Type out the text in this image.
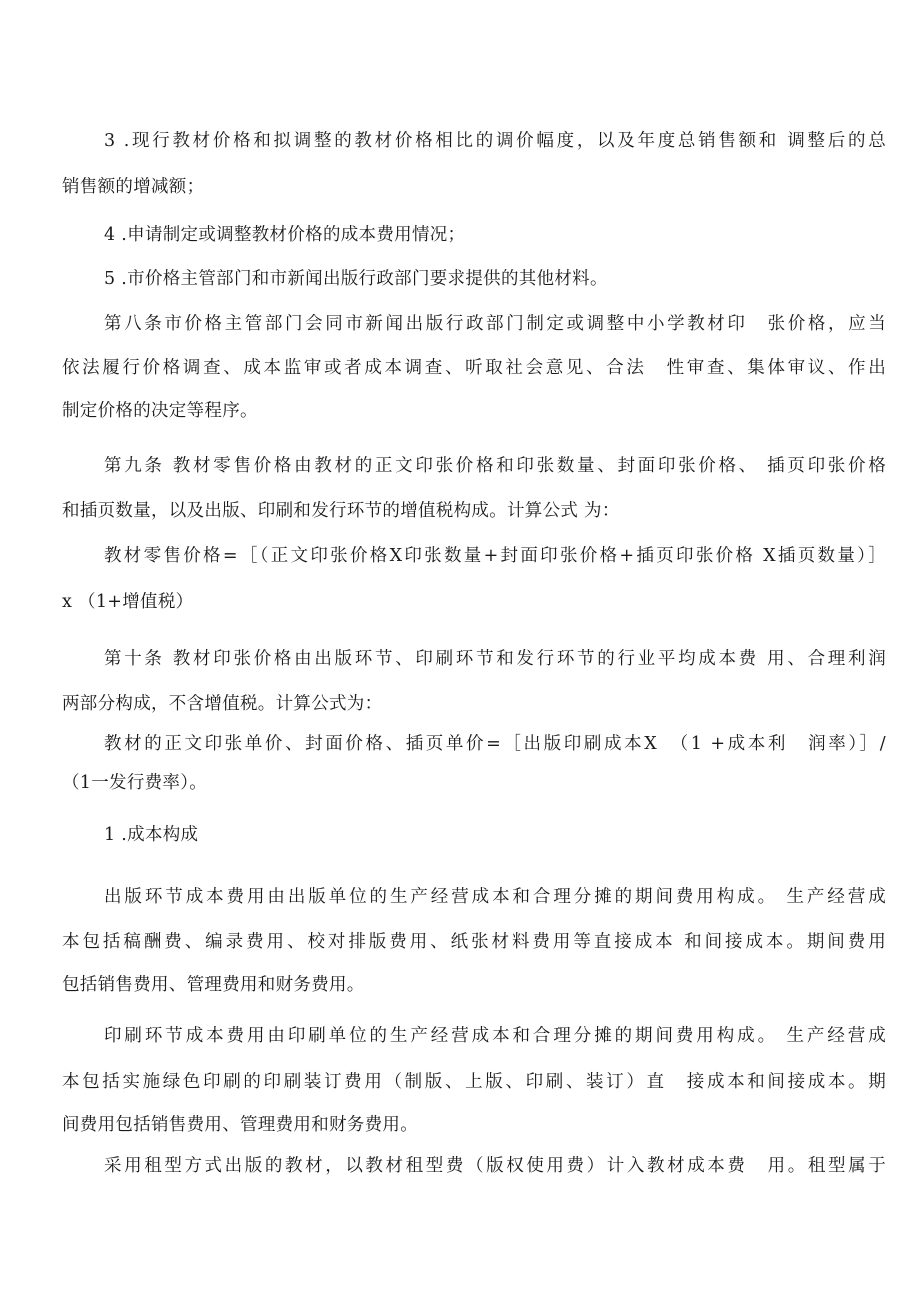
3 .现行教材价格和拟调整的教材价格相比的调价幅度，以及年度总销售额和 调整后的总
销售额的增减额；
4 .申请制定或调整教材价格的成本费用情况；
5 .市价格主管部门和市新闻出版行政部门要求提供的其他材料。
第八条市价格主管部门会同市新闻出版行政部门制定或调整中小学教材印　张价格，应当
依法履行价格调查、成本监审或者成本调查、听取社会意见、合法　性审查、集体审议、作出
制定价格的决定等程序。
第九条 教材零售价格由教材的正文印张价格和印张数量、封面印张价格、 插页印张价格
和插页数量，以及出版、印刷和发行环节的增值税构成。计算公式 为：
教材零售价格=［（正文印张价格X印张数量+封面印张价格+插页印张价格 X插页数量）］
x （1+增值税）
第十条 教材印张价格由出版环节、印刷环节和发行环节的行业平均成本费 用、合理利润
两部分构成，不含增值税。计算公式为：
教材的正文印张单价、封面价格、插页单价=［出版印刷成本X　（1 +成本利　润率）］/
（1一发行费率）。
1 .成本构成
出版环节成本费用由出版单位的生产经营成本和合理分摊的期间费用构成。 生产经营成
本包括稿酬费、编录费用、校对排版费用、纸张材料费用等直接成本 和间接成本。期间费用
包括销售费用、管理费用和财务费用。
印刷环节成本费用由印刷单位的生产经营成本和合理分摊的期间费用构成。 生产经营成
本包括实施绿色印刷的印刷装订费用（制版、上版、印刷、装订）直　接成本和间接成本。期
间费用包括销售费用、管理费用和财务费用。
采用租型方式出版的教材，以教材租型费（版权使用费）计入教材成本费　用。租型属于
